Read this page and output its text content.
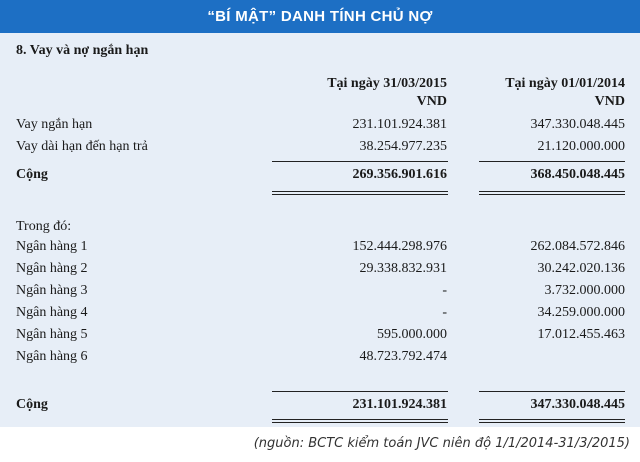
“BÍ MẬT” DANH TÍNH CHỦ NỢ
8. Vay và nợ ngắn hạn
Tại ngày 31/03/2015
VND
Tại ngày 01/01/2014
VND
Vay ngắn hạn	231.101.924.381	347.330.048.445
Vay dài hạn đến hạn trả	38.254.977.235	21.120.000.000
Cộng	269.356.901.616	368.450.048.445
Trong đó:
Ngân hàng 1	152.444.298.976	262.084.572.846
Ngân hàng 2	29.338.832.931	30.242.020.136
Ngân hàng 3	-	3.732.000.000
Ngân hàng 4	-	34.259.000.000
Ngân hàng 5	595.000.000	17.012.455.463
Ngân hàng 6	48.723.792.474
Cộng	231.101.924.381	347.330.048.445
(nguồn: BCTC kiểm toán JVC niên độ 1/1/2014-31/3/2015)
